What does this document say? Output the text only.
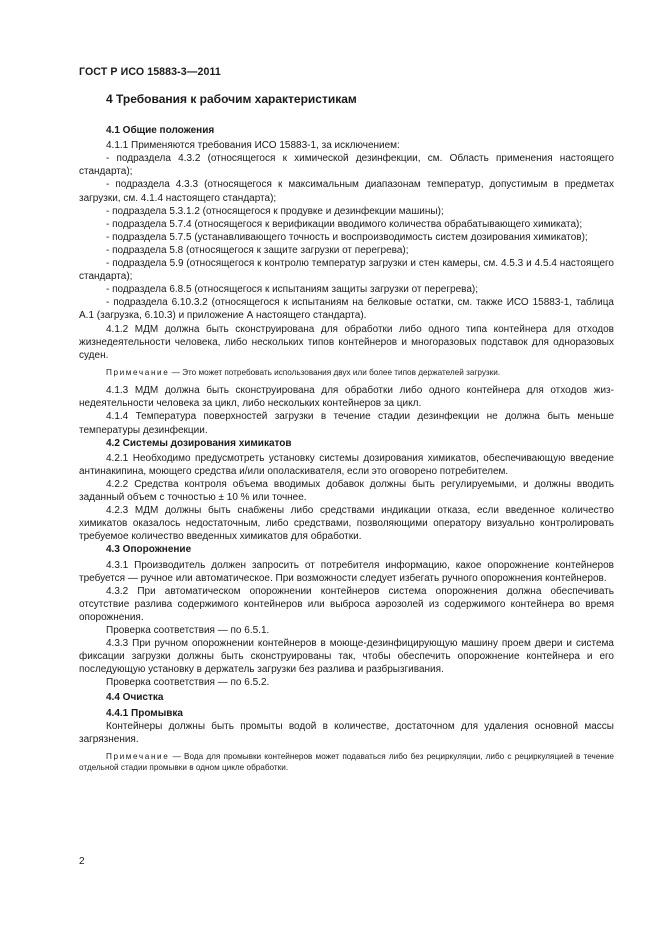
ГОСТ Р ИСО 15883-3—2011
4 Требования к рабочим характеристикам
4.1 Общие положения

4.1.1 Применяются требования ИСО 15883-1, за исключением:

- подраздела 4.3.2 (относящегося к химической дезинфекции, см. Область применения настоящего стандарта);

- подраздела 4.3.3 (относящегося к максимальным диапазонам температур, допустимым в предметах загрузки, см. 4.1.4 настоящего стандарта);

- подраздела 5.3.1.2 (относящегося к продувке и дезинфекции машины);

- подраздела 5.7.4 (относящегося к верификации вводимого количества обрабатывающего химиката);

- подраздела 5.7.5 (устанавливающего точность и воспроизводимость систем дозирования химикатов);

- подраздела 5.8 (относящегося к защите загрузки от перегрева);

- подраздела 5.9 (относящегося к контролю температур загрузки и стен камеры, см. 4.5.3 и 4.5.4 настоящего стандарта);

- подраздела 6.8.5 (относящегося к испытаниям защиты загрузки от перегрева);

- подраздела 6.10.3.2 (относящегося к испытаниям на белковые остатки, см. также ИСО 15883-1, таблица А.1 (загрузка, 6.10.3) и приложение А настоящего стандарта).

4.1.2 МДМ должна быть сконструирована для обработки либо одного типа контейнера для отходов жизнедеятельности человека, либо нескольких типов контейнеров и многоразовых подставок для одноразовых суден.

Примечание — Это может потребовать использования двух или более типов держателей загрузки.

4.1.3 МДМ должна быть сконструирована для обработки либо одного контейнера для отходов жизнедеятельности человека за цикл, либо нескольких контейнеров за цикл.

4.1.4 Температура поверхностей загрузки в течение стадии дезинфекции не должна быть меньше температуры дезинфекции.

4.2 Системы дозирования химикатов

4.2.1 Необходимо предусмотреть установку системы дозирования химикатов, обеспечивающую введение антинакипина, моющего средства и/или ополаскивателя, если это оговорено потребителем.

4.2.2 Средства контроля объема вводимых добавок должны быть регулируемыми, и должны вводить заданный объем с точностью ± 10 % или точнее.

4.2.3 МДМ должны быть снабжены либо средствами индикации отказа, если введенное количество химикатов оказалось недостаточным, либо средствами, позволяющими оператору визуально контролировать требуемое количество введенных химикатов для обработки.

4.3 Опорожнение

4.3.1 Производитель должен запросить от потребителя информацию, какое опорожнение контейнеров требуется — ручное или автоматическое. При возможности следует избегать ручного опорожнения контейнеров.

4.3.2 При автоматическом опорожнении контейнеров система опорожнения должна обеспечивать отсутствие разлива содержимого контейнеров или выброса аэрозолей из содержимого контейнера во время опорожнения.

Проверка соответствия — по 6.5.1.

4.3.3 При ручном опорожнении контейнеров в моюще-дезинфицирующую машину проем двери и система фиксации загрузки должны быть сконструированы так, чтобы обеспечить опорожнение контейнера и его последующую установку в держатель загрузки без разлива и разбрызгивания.

Проверка соответствия — по 6.5.2.

4.4 Очистка
4.4.1 Промывка

Контейнеры должны быть промыты водой в количестве, достаточном для удаления основной массы загрязнения.

Примечание — Вода для промывки контейнеров может подаваться либо без рециркуляции, либо с рециркуляцией в течение отдельной стадии промывки в одном цикле обработки.

2
